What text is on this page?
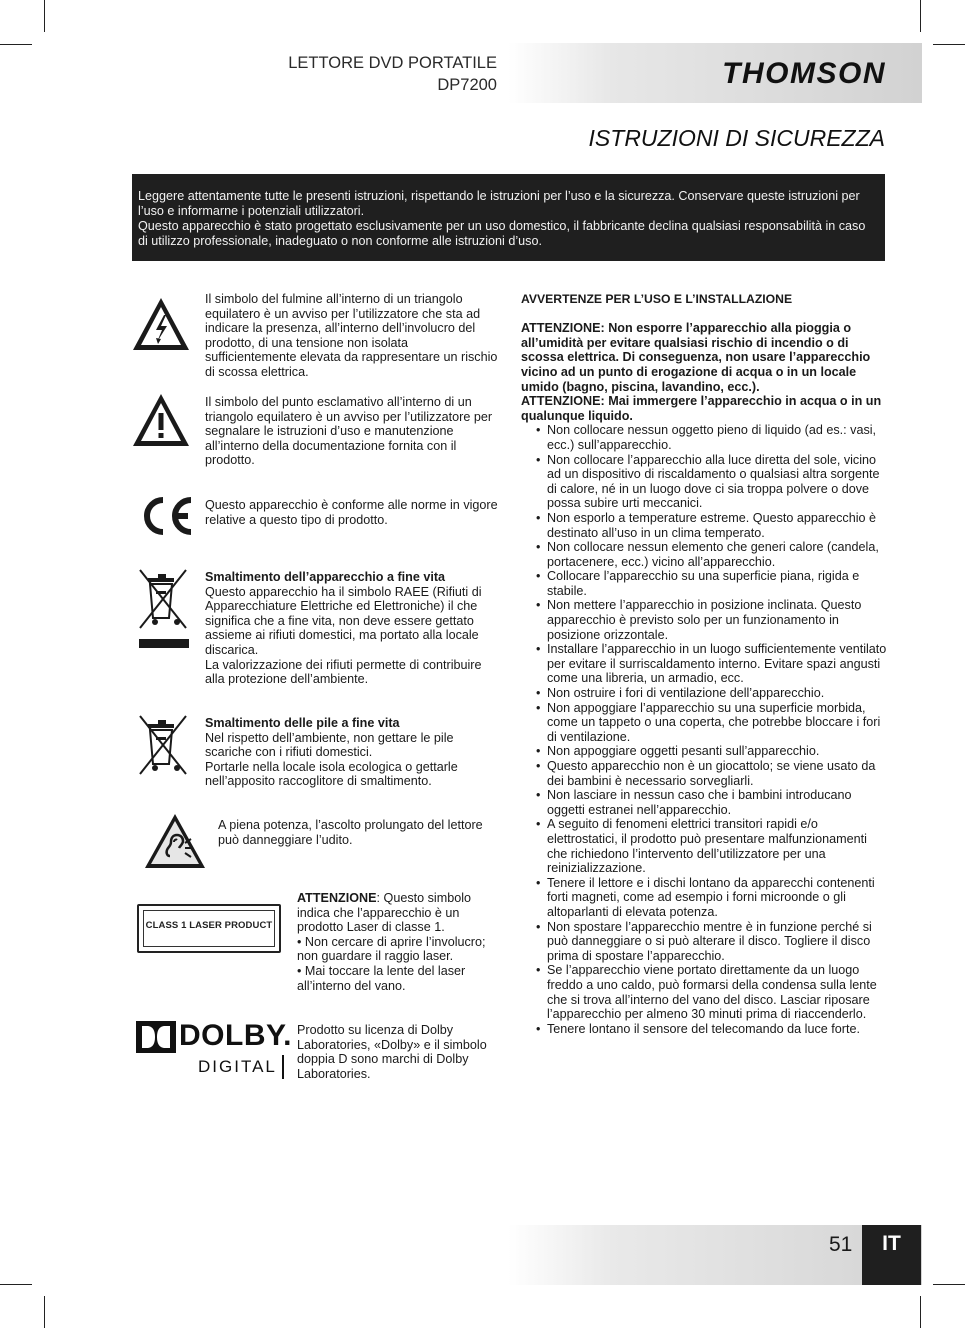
LETTORE DVD PORTATILE
DP7200	THOMSON
ISTRUZIONI DI SICUREZZA

Leggere attentamente tutte le presenti istruzioni, rispettando le istruzioni per l’uso e la sicurezza. Conservare queste istruzioni per l’uso e informarne i potenziali utilizzatori.

Questo apparecchio è stato progettato esclusivamente per un uso domestico, il fabbricante declina qualsiasi responsabilità in caso di utilizzo professionale, inadeguato o non conforme alle istruzioni d’uso.

Il simbolo del fulmine all’interno di un triangolo equilatero è un avviso per l’utilizzatore che sta ad indicare la presenza, all’interno dell’involucro del prodotto, di una tensione non isolata sufficientemente elevata da rappresentare un rischio di scossa elettrica.
Il simbolo del punto esclamativo all’interno di un triangolo equilatero è un avviso per l’utilizzatore per segnalare le istruzioni d’uso e manutenzione all’interno della documentazione fornita con il prodotto.
Questo apparecchio è conforme alle norme in vigore relative a questo tipo di prodotto.

Smaltimento dell’apparecchio a fine vita

Questo apparecchio ha il simbolo RAEE (Rifiuti di Apparecchiature Elettriche ed Elettroniche) il che significa che a fine vita, non deve essere gettato assieme ai rifiuti domestici, ma portato alla locale discarica.

La valorizzazione dei rifiuti permette di contribuire alla protezione dell’ambiente.

Smaltimento delle pile a fine vita

Nel rispetto dell’ambiente, non gettare le pile scariche con i rifiuti domestici.

Portarle nella locale isola ecologica o gettarle nell’apposito raccoglitore di smaltimento.

A piena potenza, l’ascolto prolungato del lettore può danneggiare l’udito.
CLASS 1 LASER PRODUCT

ATTENZIONE: Questo simbolo indica che l’apparecchio è un prodotto Laser di classe 1.

• Non cercare di aprire l’involucro; non guardare il raggio laser.

• Mai toccare la lente del laser all’interno del vano.

DOLBY.
DIGITAL
Prodotto su licenza di Dolby Laboratories, «Dolby» e il simbolo doppia D sono marchi di Dolby Laboratories.

AVVERTENZE PER L’USO E L’INSTALLAZIONE

ATTENZIONE: Non esporre l’apparecchio alla pioggia o all’umidità per evitare qualsiasi rischio di incendio o di scossa elettrica. Di conseguenza, non usare l’apparecchio vicino ad un punto di erogazione di acqua o in un locale umido (bagno, piscina, lavandino, ecc.).

ATTENZIONE: Mai immergere l’apparecchio in acqua o in un qualunque liquido.

• Non collocare nessun oggetto pieno di liquido (ad es.: vasi, ecc.) sull’apparecchio.
• Non collocare l’apparecchio alla luce diretta del sole, vicino ad un dispositivo di riscaldamento o qualsiasi altra sorgente di calore, né in un luogo dove ci sia troppa polvere o dove possa subire urti meccanici.
• Non esporlo a temperature estreme. Questo apparecchio è destinato all’uso in un clima temperato.
• Non collocare nessun elemento che generi calore (candela, portacenere, ecc.) vicino all’apparecchio.
• Collocare l’apparecchio su una superficie piana, rigida e stabile.
• Non mettere l’apparecchio in posizione inclinata. Questo apparecchio è previsto solo per un funzionamento in posizione orizzontale.
• Installare l’apparecchio in un luogo sufficientemente ventilato per evitare il surriscaldamento interno. Evitare spazi angusti come una libreria, un armadio, ecc.
• Non ostruire i fori di ventilazione dell’apparecchio.
• Non appoggiare l’apparecchio su una superficie morbida, come un tappeto o una coperta, che potrebbe bloccare i fori di ventilazione.
• Non appoggiare oggetti pesanti sull’apparecchio.
• Questo apparecchio non è un giocattolo; se viene usato da dei bambini è necessario sorvegliarli.
• Non lasciare in nessun caso che i bambini introducano oggetti estranei nell’apparecchio.
• A seguito di fenomeni elettrici transitori rapidi e/o elettrostatici, il prodotto può presentare malfunzionamenti che richiedono l’intervento dell’utilizzatore per una reinizializzazione.
• Tenere il lettore e i dischi lontano da apparecchi contenenti forti magneti, come ad esempio i forni microonde o gli altoparlanti di elevata potenza.
• Non spostare l’apparecchio mentre è in funzione perché si può danneggiare o si può alterare il disco. Togliere il disco prima di spostare l’apparecchio.
• Se l’apparecchio viene portato direttamente da un luogo freddo a uno caldo, può formarsi della condensa sulla lente che si trova all’interno del vano del disco. Lasciar riposare l’apparecchio per almeno 30 minuti prima di riaccenderlo.
• Tenere lontano il sensore del telecomando da luce forte.
51	IT
